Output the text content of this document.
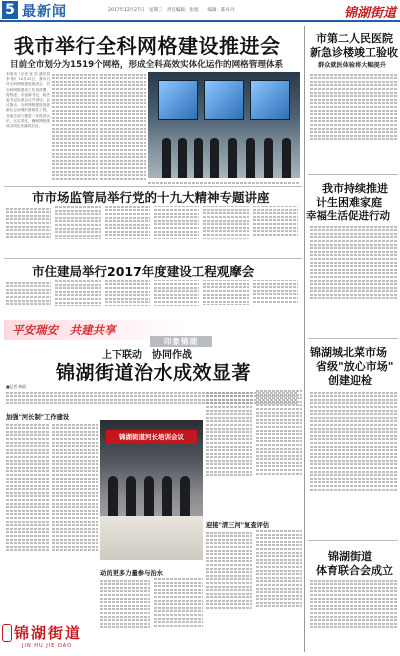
5 最新闻	2017年12月27日　星期三　责任编辑：张旭　　编辑：陈丹丹	锦湖街道
我市举行全科网格建设推进会
目前全市划分为1519个网格，形成全科高效实体化运作的网格管理体系
本报讯（记者 张 浩 通讯员 李 明）12月22日，我市召开全科网格建设推进会，对全科网格建设工作再部署、再推进。市委副书记、政法委书记出席会议并讲话。会议指出，全科网格建设是创新社会治理的基础性工程，各地各部门要进一步提高认识，压实责任，确保网格建设各项任务落到实处。
市市场监管局举行党的十九大精神专题讲座
市住建局举行2017年度建设工程观摩会
平安瑞安　共建共享
印象锦湖
上下联动　协同作战
锦湖街道治水成效显著
■记者 林丽
加强"河长制"工作建设
锦湖街道河长培训会议
动员更多力量参与治水
迎接"清三河"复查评估
锦湖街道
JIN HU JIE DAO
市第二人民医院
新急诊楼竣工验收
群众就医体验将大幅提升
我市持续推进
计生困难家庭
幸福生活促进行动
锦湖城北菜市场
省级"放心市场"
创建迎检
锦湖街道
体育联合会成立
